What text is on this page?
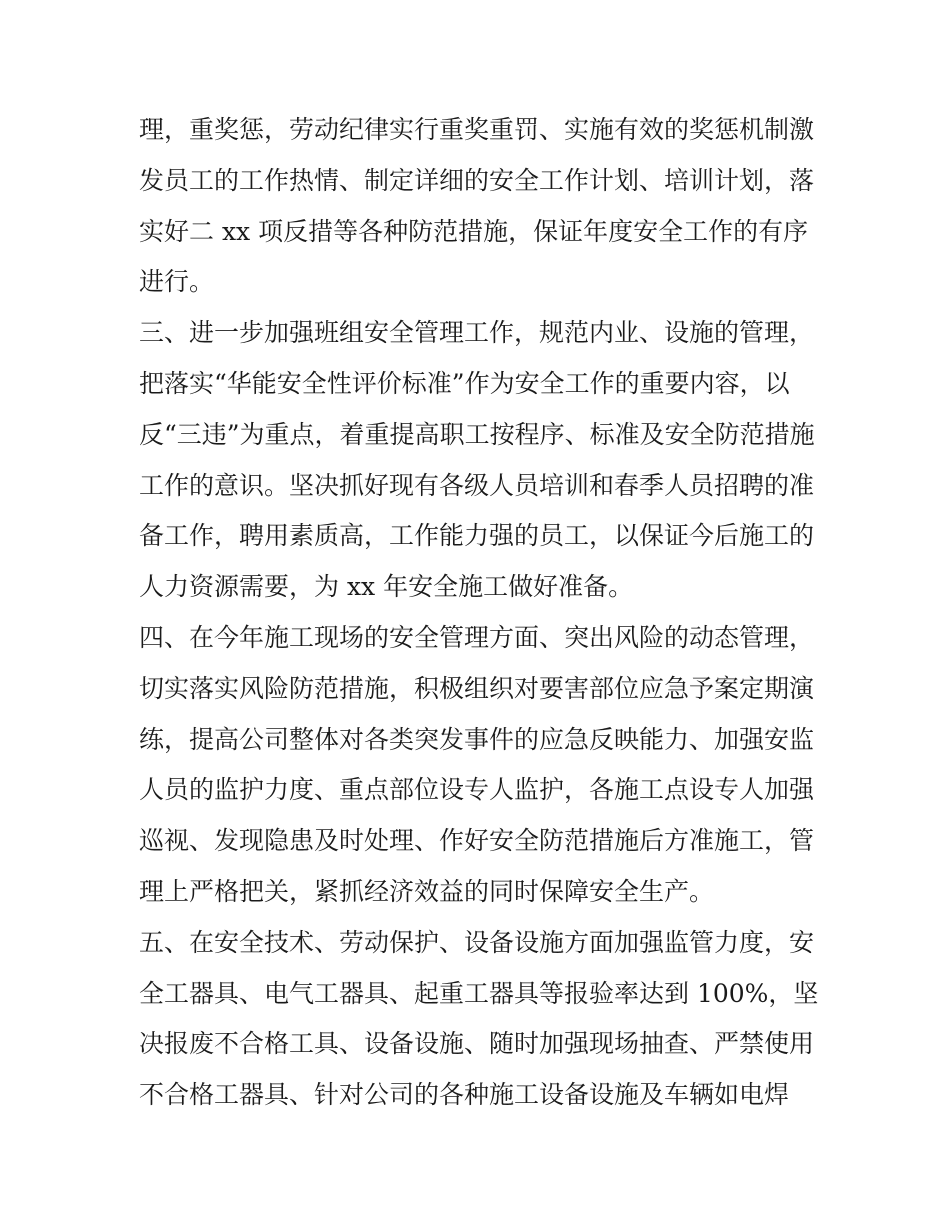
理，重奖惩，劳动纪律实行重奖重罚、实施有效的奖惩机制激
发员工的工作热情、制定详细的安全工作计划、培训计划，落
实好二 xx 项反措等各种防范措施，保证年度安全工作的有序
进行。
三、进一步加强班组安全管理工作，规范内业、设施的管理，
把落实“华能安全性评价标准”作为安全工作的重要内容，以
反“三违”为重点，着重提高职工按程序、标准及安全防范措施
工作的意识。坚决抓好现有各级人员培训和春季人员招聘的准
备工作，聘用素质高，工作能力强的员工，以保证今后施工的
人力资源需要，为 xx 年安全施工做好准备。
四、在今年施工现场的安全管理方面、突出风险的动态管理，
切实落实风险防范措施，积极组织对要害部位应急予案定期演
练，提高公司整体对各类突发事件的应急反映能力、加强安监
人员的监护力度、重点部位设专人监护，各施工点设专人加强
巡视、发现隐患及时处理、作好安全防范措施后方准施工，管
理上严格把关，紧抓经济效益的同时保障安全生产。
五、在安全技术、劳动保护、设备设施方面加强监管力度，安
全工器具、电气工器具、起重工器具等报验率达到 100%，坚
决报废不合格工具、设备设施、随时加强现场抽查、严禁使用
不合格工器具、针对公司的各种施工设备设施及车辆如电焊
